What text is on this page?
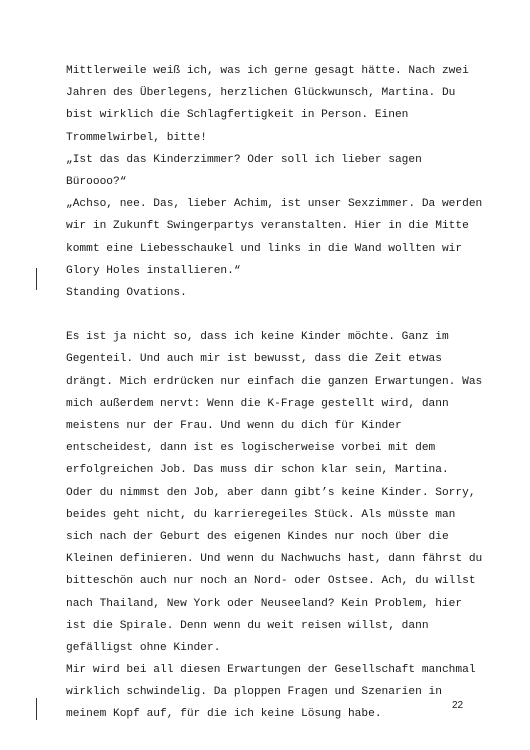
Mittlerweile weiß ich, was ich gerne gesagt hätte. Nach zwei
Jahren des Überlegens, herzlichen Glückwunsch, Martina. Du
bist wirklich die Schlagfertigkeit in Person. Einen
Trommelwirbel, bitte!
„Ist das das Kinderzimmer? Oder soll ich lieber sagen
Büroooo?“
„Achso, nee. Das, lieber Achim, ist unser Sexzimmer. Da werden
wir in Zukunft Swingerpartys veranstalten. Hier in die Mitte
kommt eine Liebesschaukel und links in die Wand wollten wir
Glory Holes installieren.“
Standing Ovations.
Es ist ja nicht so, dass ich keine Kinder möchte. Ganz im
Gegenteil. Und auch mir ist bewusst, dass die Zeit etwas
drängt. Mich erdrücken nur einfach die ganzen Erwartungen. Was
mich außerdem nervt: Wenn die K-Frage gestellt wird, dann
meistens nur der Frau. Und wenn du dich für Kinder
entscheidest, dann ist es logischerweise vorbei mit dem
erfolgreichen Job. Das muss dir schon klar sein, Martina.
Oder du nimmst den Job, aber dann gibt’s keine Kinder. Sorry,
beides geht nicht, du karrieregeiles Stück. Als müsste man
sich nach der Geburt des eigenen Kindes nur noch über die
Kleinen definieren. Und wenn du Nachwuchs hast, dann fährst du
bitteschön auch nur noch an Nord- oder Ostsee. Ach, du willst
nach Thailand, New York oder Neuseeland? Kein Problem, hier
ist die Spirale. Denn wenn du weit reisen willst, dann
gefälligst ohne Kinder.
Mir wird bei all diesen Erwartungen der Gesellschaft manchmal
wirklich schwindelig. Da ploppen Fragen und Szenarien in
meinem Kopf auf, für die ich keine Lösung habe.
22
